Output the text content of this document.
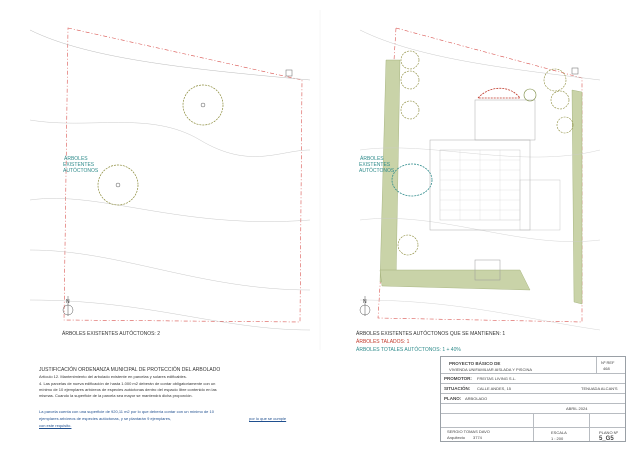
ÁRBOLES
EXISTENTES
AUTÓCTONOS
N
ÁRBOLES EXISTENTES AUTÓCTONOS: 2
ÁRBOLES
EXISTENTES
AUTÓCTONOS
N
ÁRBOLES EXISTENTES AUTÓCTONOS QUE SE MANTIENEN: 1
ÁRBOLES TALADOS: 1
ÁRBOLES TOTALES AUTÓCTONOS: 1 + 40%
JUSTIFICACIÓN ORDENANZA MUNICIPAL DE PROTECCIÓN DEL ARBOLADO
Artículo 12. Mantenimiento del arbolado existente en parcelas y solares edificables.
4. Las parcelas de nueva edificación de hasta 1.000 m2 deberán de contar obligatoriamente con un
mínimo de 10 ejemplares arbóreos de especies autóctonas dentro del espacio libre contenido en las
mismas. Cuando la superficie de la parcela sea mayor se mantendrá dicha proporción.
La parcela cuenta con una superficie de 920,11 m2 por lo que debería contar con un mínimo de 10
ejemplares arbóreos de especies autóctonas, y se plantarán 9 ejemplares,	por lo que se cumple
con este requisito.
PROYECTO BÁSICO DE
VIVIENDA UNIFAMILIAR AISLADA Y PISCINA
Nº REF
468
PROMOTOR: FREITAS LIVING S.L.
SITUACIÓN: CALLE ANDES, 15	TENUADA ALCAN'S
PLANO: ARBOLADO
ABRIL 2024
SERGIO TOMAS DAVO
Arquitecto 3774
ESCALA
1 : 200
PLANO Nº
5_G5
